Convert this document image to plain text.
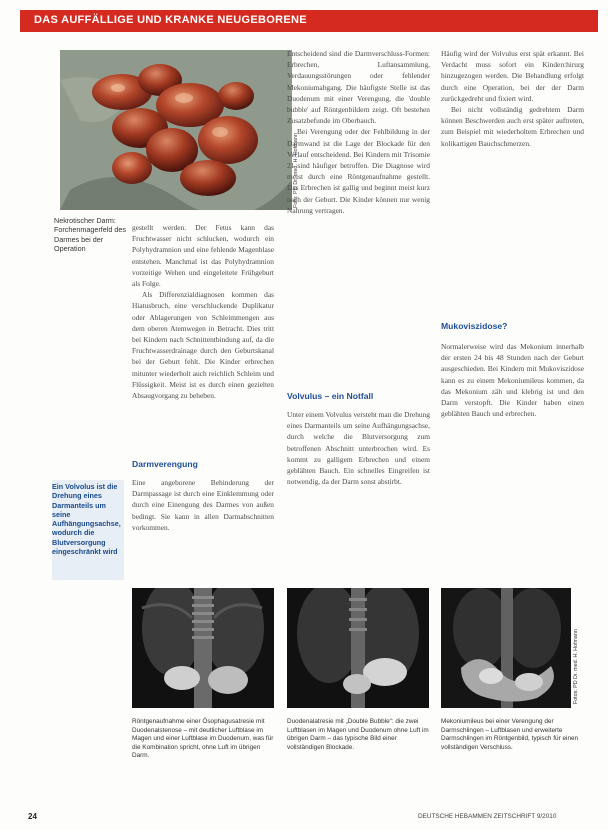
DAS AUFFÄLLIGE UND KRANKE NEUGEBORENE
Foto: PD Dr. med. H. Hofmann
Nekrotischer Darm: Forchenmagerfeld des Darmes bei der Operation
Ein Volvolus ist die Drehung eines Darmanteils um seine Aufhängungsachse, wodurch die Blutversorgung eingeschränkt wird

gestellt werden. Der Fetus kann das Fruchtwasser nicht schlucken, wodurch ein Polyhydramnion und eine fehlende Magenblase entstehen. Manchmal ist das Polyhydramnion vorzeitige Wehen und eingeleitete Frühgeburt als Folge.

Als Differenzialdiagnosen kommen das Hiatusbruch, eine verschluckende Duplikatur oder Ablagerungen von Schleimmengen aus dem oberen Atemwegen in Betracht. Dies tritt bei Kindern nach Schnittentbindung auf, da die Fruchtwasserdrainage durch den Geburtskanal bei der Geburt fehlt. Die Kinder erbrechen mitunter wiederholt auch reichlich Schleim und Flüssigkeit. Meist ist es durch einen gezielten Absaugvorgang zu beheben.

Darmverengung

Eine angeborene Behinderung der Darmpassage ist durch eine Einklemmung oder durch eine Einengung des Darmes von außen bedingt. Sie kann in allen Darmabschnitten vorkommen.

Entscheidend sind die Darmverschluss-Formen: Erbrechen, Luftansammlung, Verdauungsstörungen oder fehlender Mekoniumabgang. Die häufigste Stelle ist das Duodenum mit einer Verengung, die 'double bubble' auf Röntgenbildern zeigt. Oft bestehen Zusatzbefunde im Oberbauch.

Bei Verengung oder der Fehlbildung in der Darmwand ist die Lage der Blockade für den Verlauf entscheidend. Bei Kindern mit Trisomie 21 sind häufiger betroffen. Die Diagnose wird meist durch eine Röntgenaufnahme gestellt. Das Erbrechen ist gallig und beginnt meist kurz nach der Geburt. Die Kinder können nur wenig Nahrung vertragen.

Volvulus – ein Notfall

Unter einem Volvulus versteht man die Drehung eines Darmanteils um seine Aufhängungsachse, durch welche die Blutversorgung zum betroffenen Abschnitt unterbrochen wird. Es kommt zu galligem Erbrechen und einem geblähten Bauch. Ein schnelles Eingreifen ist notwendig, da der Darm sonst abstirbt.

Häufig wird der Volvulus erst spät erkannt. Bei Verdacht muss sofort ein Kinderchirurg hinzugezogen werden. Die Behandlung erfolgt durch eine Operation, bei der der Darm zurückgedreht und fixiert wird.

Bei nicht vollständig gedrehtem Darm können Beschwerden auch erst später auftreten, zum Beispiel mit wiederholtem Erbrechen und kolikartigen Bauchschmerzen.

Mukoviszidose?

Normalerweise wird das Mekonium innerhalb der ersten 24 bis 48 Stunden nach der Geburt ausgeschieden. Bei Kindern mit Mukoviszidose kann es zu einem Mekoniumileus kommen, da das Mekonium zäh und klebrig ist und den Darm verstopft. Die Kinder haben einen geblähten Bauch und erbrechen.

Röntgenaufnahme einer Ösophagusatresie mit Duodenalstenose – mit deutlicher Luftblase im Magen und einer Luftblase im Duodenum, was für die Kombination spricht, ohne Luft im übrigen Darm.
Duodenalatresie mit „Double Bubble“: die zwei Luftblasen im Magen und Duodenum ohne Luft im übrigen Darm – das typische Bild einer vollständigen Blockade.
Fotos: PD Dr. med. H. Hofmann
Mekoniumileus bei einer Verengung der Darmschlingen – Luftblasen und erweiterte Darmschlingen im Röntgenbild, typisch für einen vollständigen Verschluss.
24	DEUTSCHE HEBAMMEN ZEITSCHRIFT 9/2010
